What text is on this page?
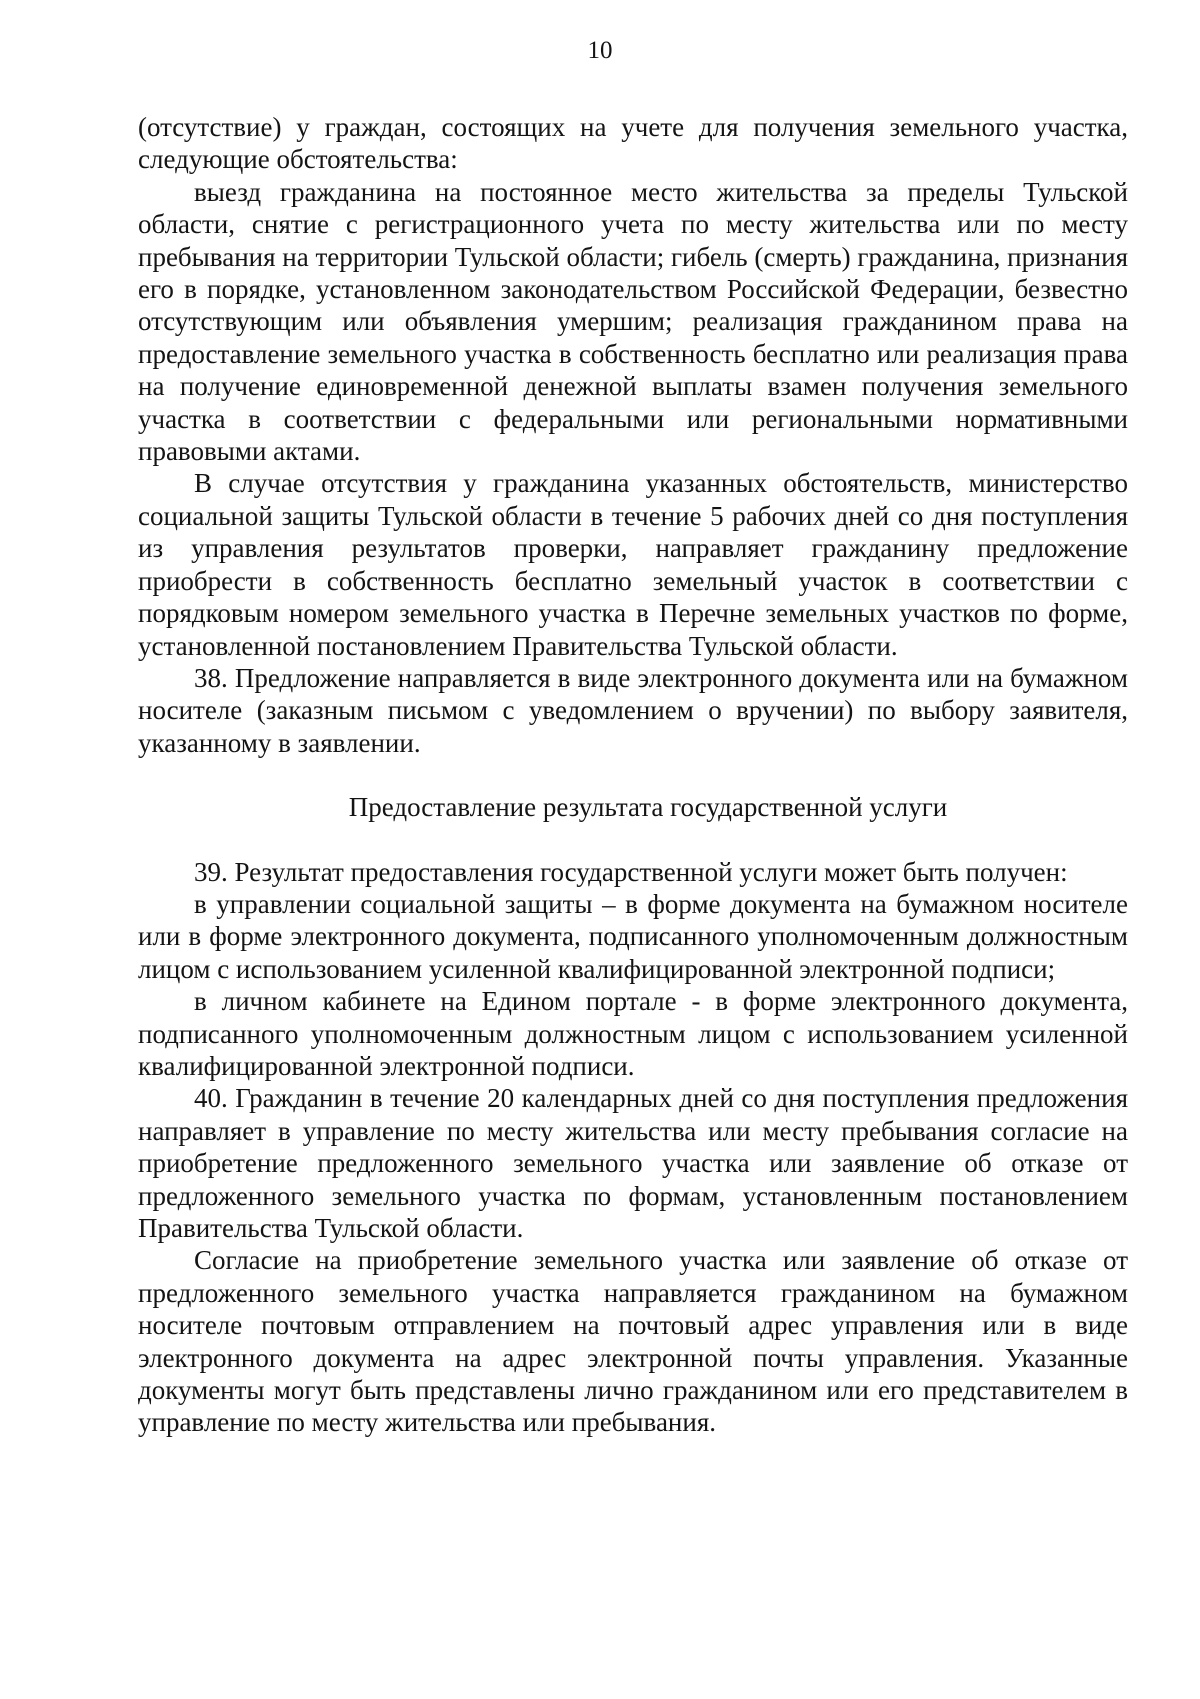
10

(отсутствие) у граждан, состоящих на учете для получения земельного участка, следующие обстоятельства:

выезд гражданина на постоянное место жительства за пределы Тульской области, снятие с регистрационного учета по месту жительства или по месту пребывания на территории Тульской области; гибель (смерть) гражданина, признания его в порядке, установленном законодательством Российской Федерации, безвестно отсутствующим или объявления умершим; реализация гражданином права на предоставление земельного участка в собственность бесплатно или реализация права на получение единовременной денежной выплаты взамен получения земельного участка в соответствии с федеральными или региональными нормативными правовыми актами.

В случае отсутствия у гражданина указанных обстоятельств, министерство социальной защиты Тульской области в течение 5 рабочих дней со дня поступления из управления результатов проверки, направляет гражданину предложение приобрести в собственность бесплатно земельный участок в соответствии с порядковым номером земельного участка в Перечне земельных участков по форме, установленной постановлением Правительства Тульской области.

38. Предложение направляется в виде электронного документа или на бумажном носителе (заказным письмом с уведомлением о вручении) по выбору заявителя, указанному в заявлении.

Предоставление результата государственной услуги

39. Результат предоставления государственной услуги может быть получен:

в управлении социальной защиты – в форме документа на бумажном носителе или в форме электронного документа, подписанного уполномоченным должностным лицом с использованием усиленной квалифицированной электронной подписи;

в личном кабинете на Едином портале - в форме электронного документа, подписанного уполномоченным должностным лицом с использованием усиленной квалифицированной электронной подписи.

40. Гражданин в течение 20 календарных дней со дня поступления предложения направляет в управление по месту жительства или месту пребывания согласие на приобретение предложенного земельного участка или заявление об отказе от предложенного земельного участка по формам, установленным постановлением Правительства Тульской области.

Согласие на приобретение земельного участка или заявление об отказе от предложенного земельного участка направляется гражданином на бумажном носителе почтовым отправлением на почтовый адрес управления или в виде электронного документа на адрес электронной почты управления. Указанные документы могут быть представлены лично гражданином или его представителем в управление по месту жительства или пребывания.
